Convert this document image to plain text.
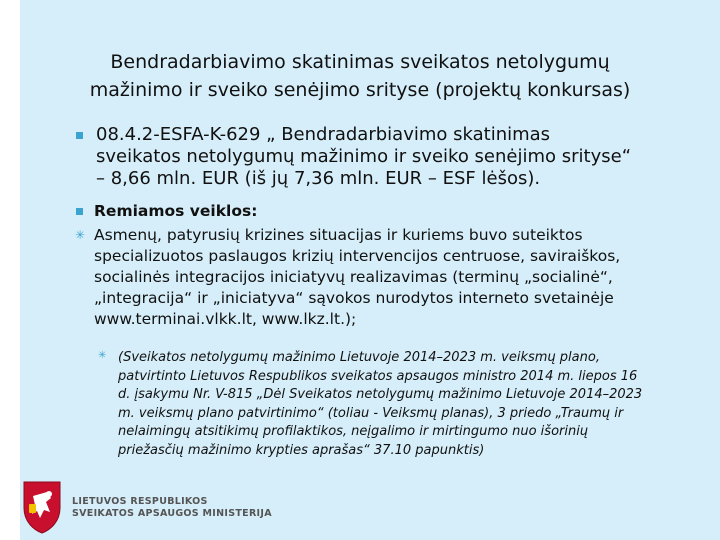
Bendradarbiavimo skatinimas sveikatos netolygumų
mažinimo ir sveiko senėjimo srityse (projektų konkursas)
08.4.2-ESFA-K-629 „ Bendradarbiavimo skatinimas
sveikatos netolygumų mažinimo ir sveiko senėjimo srityse“
– 8,66 mln. EUR (iš jų 7,36 mln. EUR – ESF lėšos).
Remiamos veiklos:
✳ Asmenų, patyrusių krizines situacijas ir kuriems buvo suteiktos
specializuotos paslaugos krizių intervencijos centruose, savirаiškos,
socialinės integracijos iniciatyvų realizavimas (terminų „socialinė“,
„integracija“ ir „iniciatyva“ sąvokos nurodytos interneto svetainėje
www.terminai.vlkk.lt, www.lkz.lt.);
✳ (Sveikatos netolygumų mažinimo Lietuvoje 2014–2023 m. veiksmų plano,
patvirtinto Lietuvos Respublikos sveikatos apsaugos ministro 2014 m. liepos 16
d. įsakymu Nr. V-815 „Dėl Sveikatos netolygumų mažinimo Lietuvoje 2014–2023
m. veiksmų plano patvirtinimo“ (toliau - Veiksmų planas), 3 priedo „Traumų ir
nelaimingų atsitikimų profilaktikos, neįgalimo ir mirtingumo nuo išorinių
priežasčių mažinimo krypties aprašas“ 37.10 papunktis)
LIETUVOS RESPUBLIKOS
SVEIKATOS APSAUGOS MINISTERIJA
